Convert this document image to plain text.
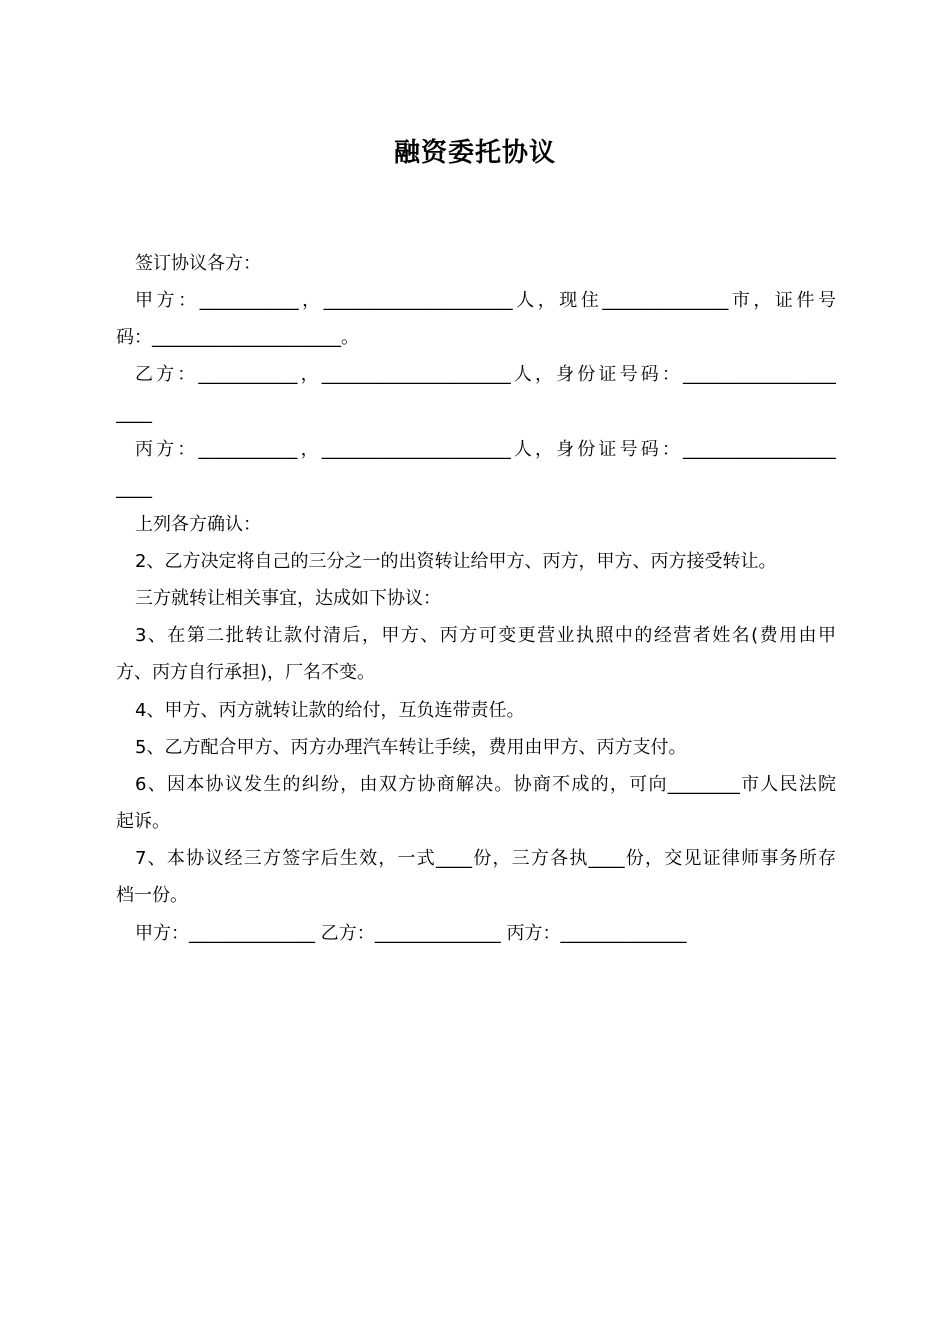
融资委托协议
签订协议各方：
甲方：___________，_____________________人，现住______________市，证件号
码：_____________________。
乙方：___________，_____________________人，身份证号码：_________________
____
丙方：___________，_____________________人，身份证号码：_________________
____
上列各方确认：
2、乙方决定将自己的三分之一的出资转让给甲方、丙方，甲方、丙方接受转让。
三方就转让相关事宜，达成如下协议：
3、在第二批转让款付清后，甲方、丙方可变更营业执照中的经营者姓名(费用由甲
方、丙方自行承担)，厂名不变。
4、甲方、丙方就转让款的给付，互负连带责任。
5、乙方配合甲方、丙方办理汽车转让手续，费用由甲方、丙方支付。
6、因本协议发生的纠纷，由双方协商解决。协商不成的，可向________市人民法院
起诉。
7、本协议经三方签字后生效，一式____份，三方各执____份，交见证律师事务所存
档一份。
甲方：______________ 乙方：______________ 丙方：______________
